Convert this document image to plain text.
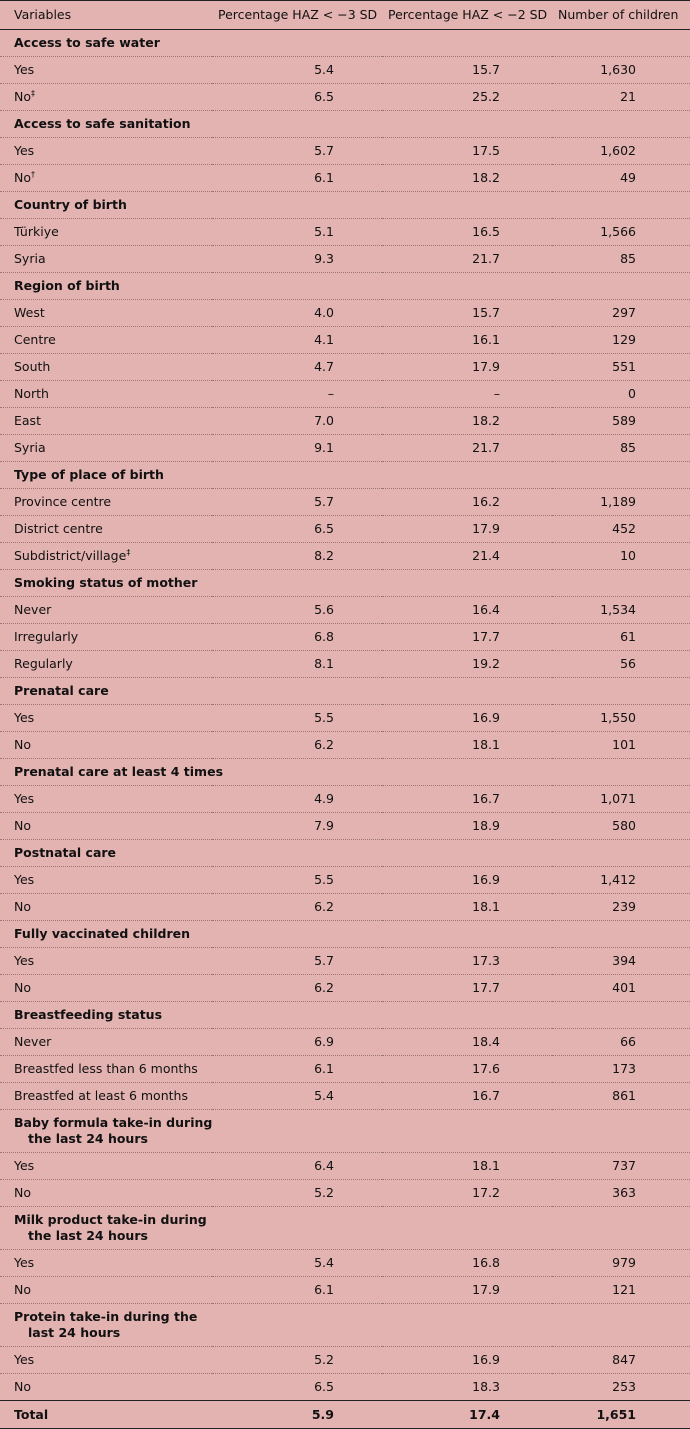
Variables	Percentage HAZ < −3 SD	Percentage HAZ < −2 SD	Number of children
Access to safe water			
Yes	5.4	15.7	1,630
No‡	6.5	25.2	21
Access to safe sanitation			
Yes	5.7	17.5	1,602
No†	6.1	18.2	49
Country of birth			
Türkiye	5.1	16.5	1,566
Syria	9.3	21.7	85
Region of birth			
West	4.0	15.7	297
Centre	4.1	16.1	129
South	4.7	17.9	551
North	–	–	0
East	7.0	18.2	589
Syria	9.1	21.7	85
Type of place of birth			
Province centre	5.7	16.2	1,189
District centre	6.5	17.9	452
Subdistrict/village‡	8.2	21.4	10
Smoking status of mother			
Never	5.6	16.4	1,534
Irregularly	6.8	17.7	61
Regularly	8.1	19.2	56
Prenatal care			
Yes	5.5	16.9	1,550
No	6.2	18.1	101
Prenatal care at least 4 times			
Yes	4.9	16.7	1,071
No	7.9	18.9	580
Postnatal care			
Yes	5.5	16.9	1,412
No	6.2	18.1	239
Fully vaccinated children			
Yes	5.7	17.3	394
No	6.2	17.7	401
Breastfeeding status			
Never	6.9	18.4	66
Breastfed less than 6 months	6.1	17.6	173
Breastfed at least 6 months	5.4	16.7	861
Baby formula take-in during
the last 24 hours			

Yes	6.4	18.1	737
No	5.2	17.2	363
Milk product take-in during
the last 24 hours			

Yes	5.4	16.8	979
No	6.1	17.9	121
Protein take-in during the
last 24 hours			

Yes	5.2	16.9	847
No	6.5	18.3	253
Total	5.9	17.4	1,651
